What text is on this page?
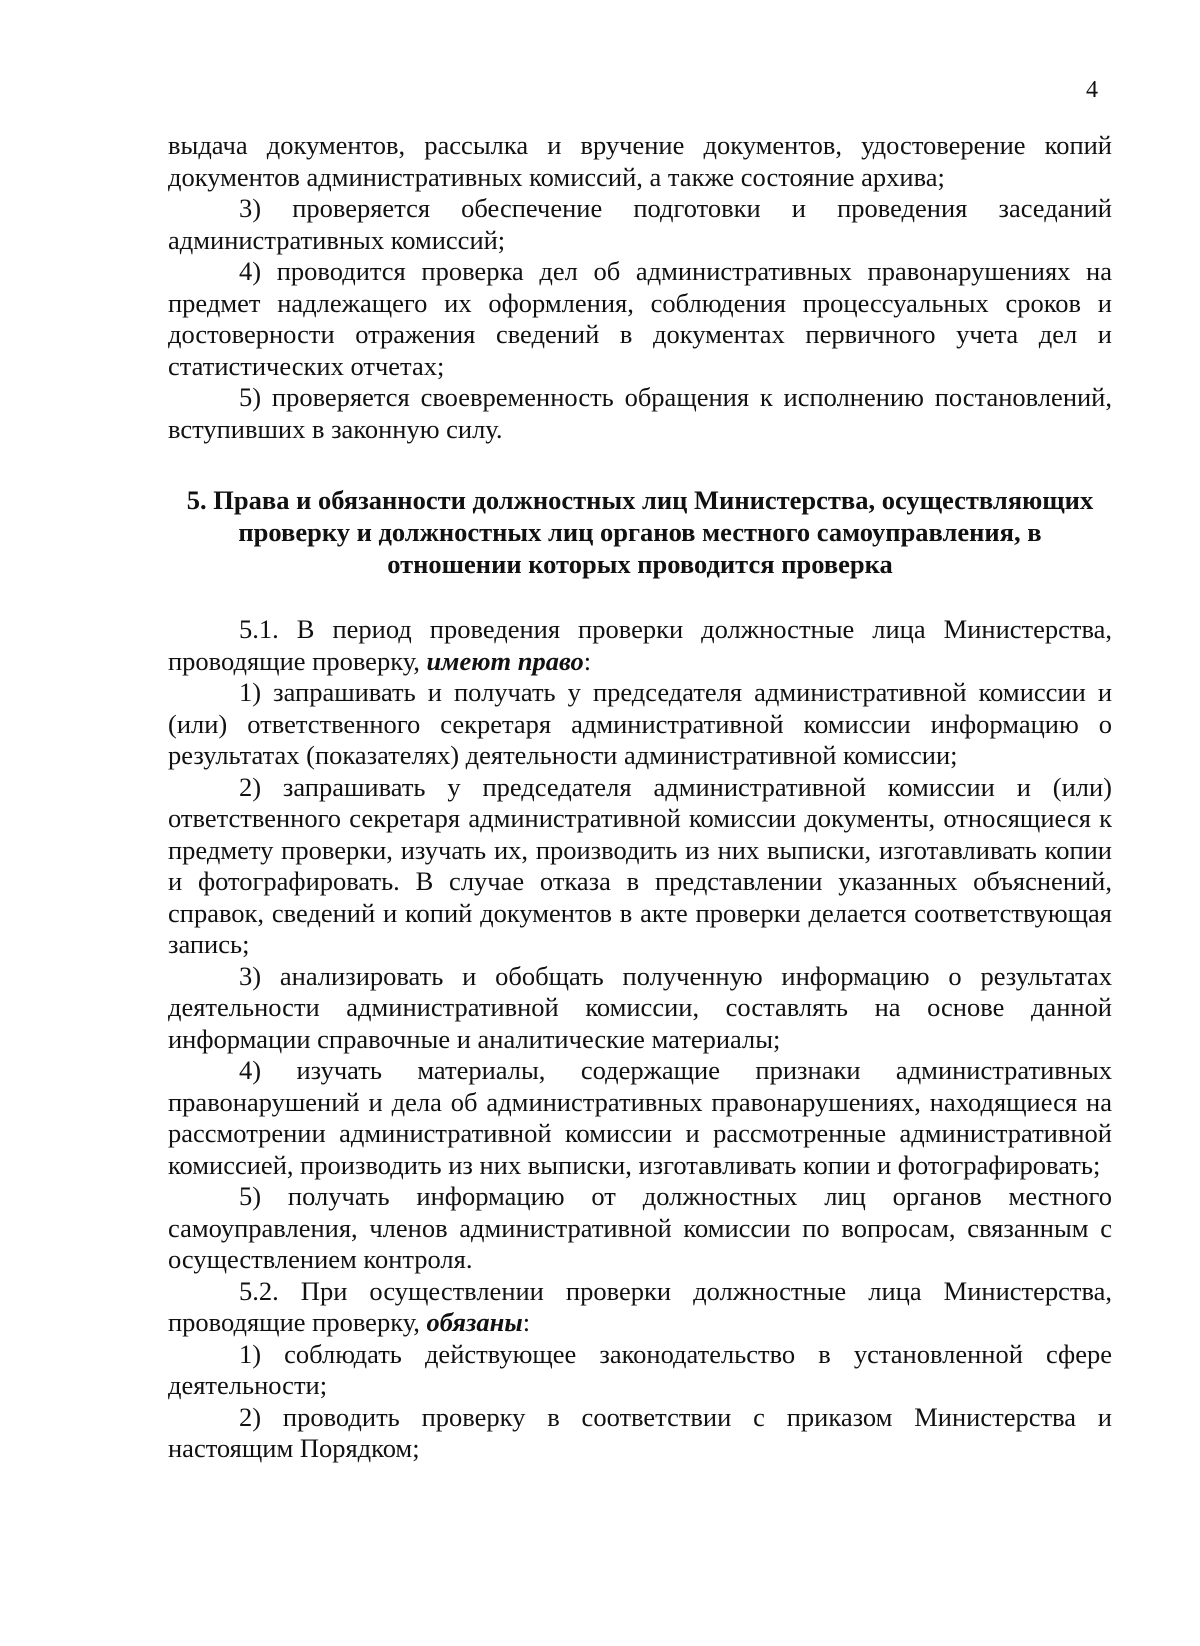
4

выдача документов, рассылка и вручение документов, удостоверение копий документов административных комиссий, а также состояние архива;

3) проверяется обеспечение подготовки и проведения заседаний административных комиссий;

4) проводится проверка дел об административных правонарушениях на предмет надлежащего их оформления, соблюдения процессуальных сроков и достоверности отражения сведений в документах первичного учета дел и статистических отчетах;

5) проверяется своевременность обращения к исполнению постановлений, вступивших в законную силу.

5. Права и обязанности должностных лиц Министерства, осуществляющих проверку и должностных лиц органов местного самоуправления, в отношении которых проводится проверка

5.1. В период проведения проверки должностные лица Министерства, проводящие проверку, имеют право:

1) запрашивать и получать у председателя административной комиссии и (или) ответственного секретаря административной комиссии информацию о результатах (показателях) деятельности административной комиссии;

2) запрашивать у председателя административной комиссии и (или) ответственного секретаря административной комиссии документы, относящиеся к предмету проверки, изучать их, производить из них выписки, изготавливать копии и фотографировать. В случае отказа в представлении указанных объяснений, справок, сведений и копий документов в акте проверки делается соответствующая запись;

3) анализировать и обобщать полученную информацию о результатах деятельности административной комиссии, составлять на основе данной информации справочные и аналитические материалы;

4) изучать материалы, содержащие признаки административных правонарушений и дела об административных правонарушениях, находящиеся на рассмотрении административной комиссии и рассмотренные административной комиссией, производить из них выписки, изготавливать копии и фотографировать;

5) получать информацию от должностных лиц органов местного самоуправления, членов административной комиссии по вопросам, связанным с осуществлением контроля.

5.2. При осуществлении проверки должностные лица Министерства, проводящие проверку, обязаны:

1) соблюдать действующее законодательство в установленной сфере деятельности;

2) проводить проверку в соответствии с приказом Министерства и настоящим Порядком;
